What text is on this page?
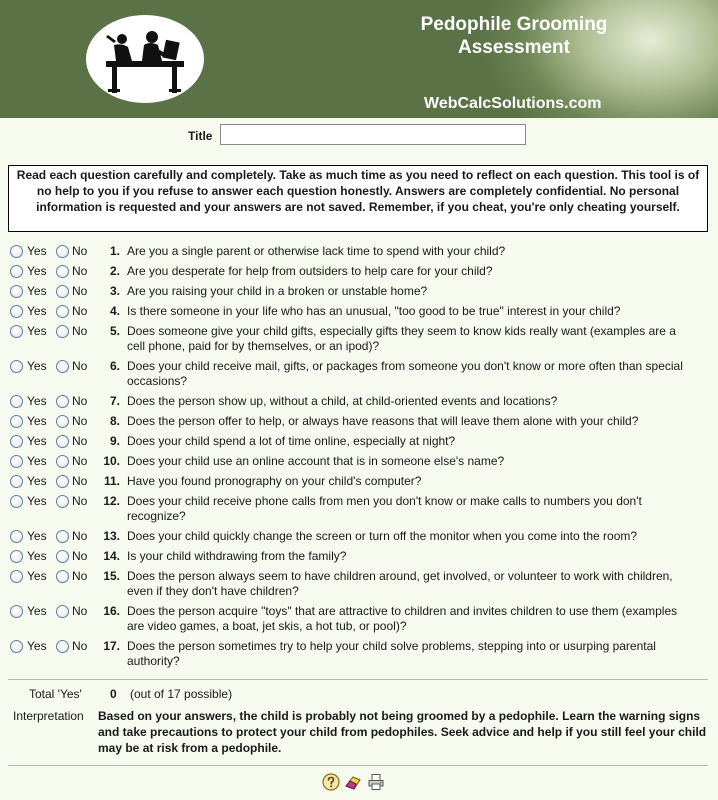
Pedophile Grooming
Assessment
WebCalcSolutions.com
Title
Read each question carefully and completely. Take as much time as you need to reflect on each question. This tool is of no help to you if you refuse to answer each question honestly. Answers are completely confidential. No personal information is requested and your answers are not saved. Remember, if you cheat, you're only cheating yourself.
Yes No	1. Are you a single parent or otherwise lack time to spend with your child?
Yes No	2. Are you desperate for help from outsiders to help care for your child?
Yes No	3. Are you raising your child in a broken or unstable home?
Yes No	4. Is there someone in your life who has an unusual, "too good to be true" interest in your child?
Yes No	5. Does someone give your child gifts, especially gifts they seem to know kids really want (examples are a cell phone, paid for by themselves, or an ipod)?
Yes No	6. Does your child receive mail, gifts, or packages from someone you don't know or more often than special occasions?
Yes No	7. Does the person show up, without a child, at child-oriented events and locations?
Yes No	8. Does the person offer to help, or always have reasons that will leave them alone with your child?
Yes No	9. Does your child spend a lot of time online, especially at night?
Yes No	10. Does your child use an online account that is in someone else's name?
Yes No	11. Have you found pronography on your child's computer?
Yes No	12. Does your child receive phone calls from men you don't know or make calls to numbers you don't recognize?
Yes No	13. Does your child quickly change the screen or turn off the monitor when you come into the room?
Yes No	14. Is your child withdrawing from the family?
Yes No	15. Does the person always seem to have children around, get involved, or volunteer to work with children, even if they don't have children?
Yes No	16. Does the person acquire "toys" that are attractive to children and invites children to use them (examples are video games, a boat, jet skis, a hot tub, or pool)?
Yes No	17. Does the person sometimes try to help your child solve problems, stepping into or usurping parental authority?
Total 'Yes' 0 (out of 17 possible)
Interpretation Based on your answers, the child is probably not being groomed by a pedophile. Learn the warning signs and take precautions to protect your child from pedophiles. Seek advice and help if you still feel your child may be at risk from a pedophile.
